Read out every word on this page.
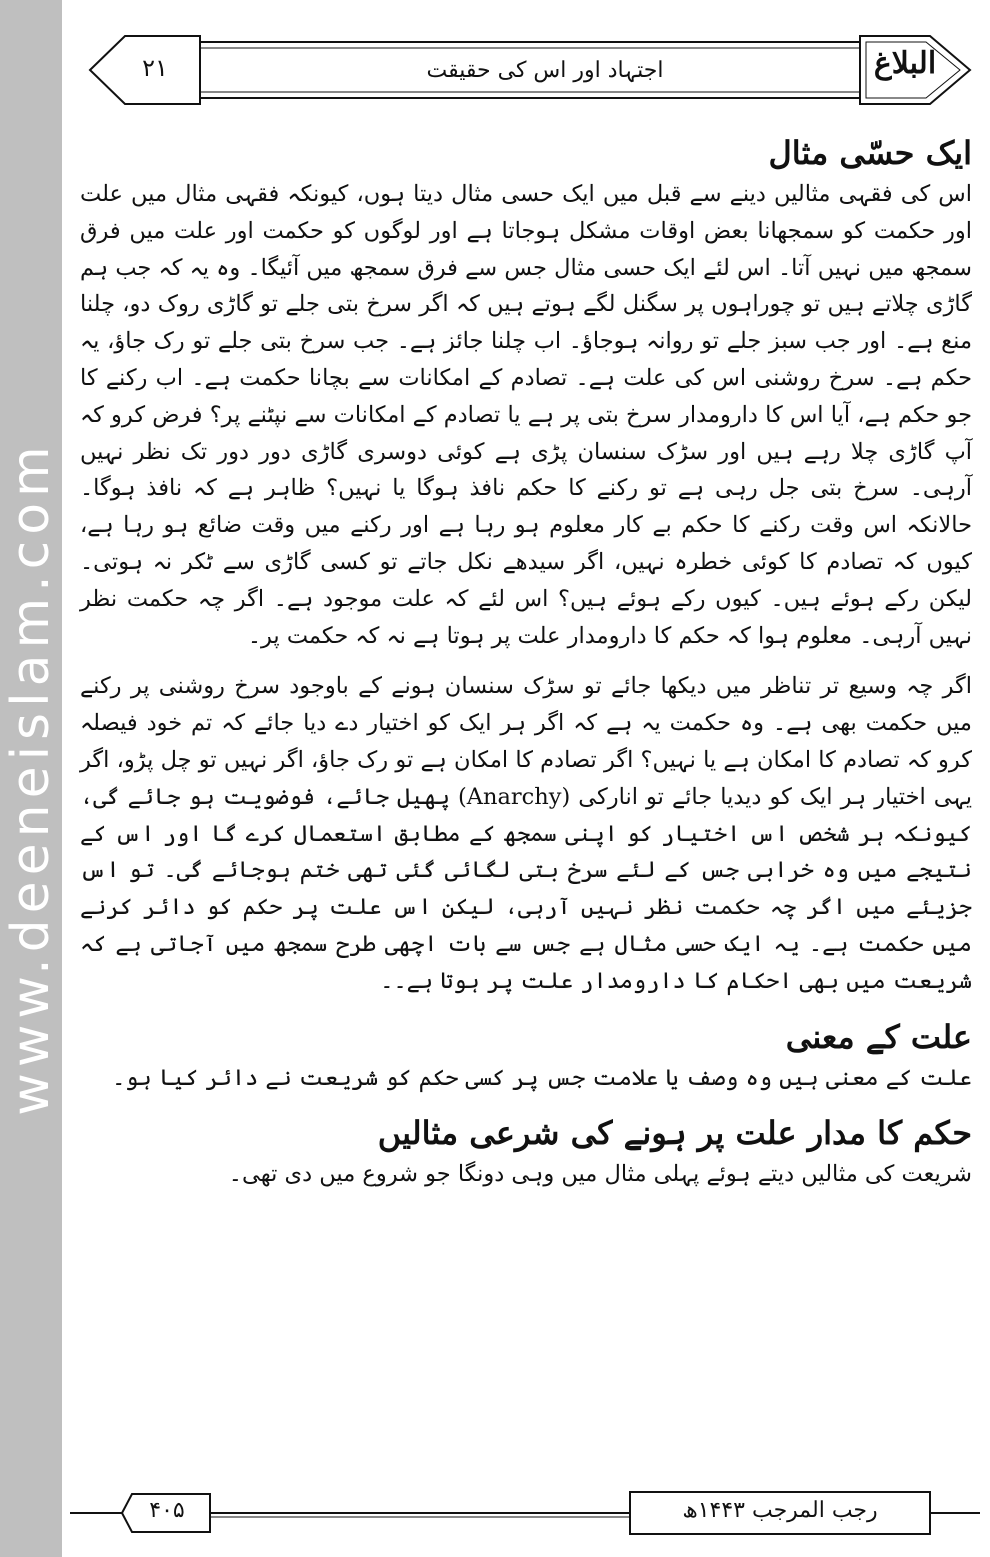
www.deeneislam.com
٢١	اجتہاد اور اس کی حقیقت	البلاغ
ایک حسّی مثال

اس کی فقہی مثالیں دینے سے قبل میں ایک حسی مثال دیتا ہوں، کیونکہ فقہی مثال میں علت اور حکمت کو سمجھانا بعض اوقات مشکل ہوجاتا ہے اور لوگوں کو حکمت اور علت میں فرق سمجھ میں نہیں آتا۔ اس لئے ایک حسی مثال جس سے فرق سمجھ میں آئیگا۔ وہ یہ کہ جب ہم گاڑی چلاتے ہیں تو چوراہوں پر سگنل لگے ہوتے ہیں کہ اگر سرخ بتی جلے تو گاڑی روک دو، چلنا منع ہے۔ اور جب سبز جلے تو روانہ ہوجاؤ۔ اب چلنا جائز ہے۔ جب سرخ بتی جلے تو رک جاؤ، یہ حکم ہے۔ سرخ روشنی اس کی علت ہے۔ تصادم کے امکانات سے بچانا حکمت ہے۔ اب رکنے کا جو حکم ہے، آیا اس کا دارومدار سرخ بتی پر ہے یا تصادم کے امکانات سے نپٹنے پر؟ فرض کرو کہ آپ گاڑی چلا رہے ہیں اور سڑک سنسان پڑی ہے کوئی دوسری گاڑی دور دور تک نظر نہیں آرہی۔ سرخ بتی جل رہی ہے تو رکنے کا حکم نافذ ہوگا یا نہیں؟ ظاہر ہے کہ نافذ ہوگا۔ حالانکہ اس وقت رکنے کا حکم بے کار معلوم ہو رہا ہے اور رکنے میں وقت ضائع ہو رہا ہے، کیوں کہ تصادم کا کوئی خطرہ نہیں، اگر سیدھے نکل جاتے تو کسی گاڑی سے ٹکر نہ ہوتی۔ لیکن رکے ہوئے ہیں۔ کیوں رکے ہوئے ہیں؟ اس لئے کہ علت موجود ہے۔ اگر چہ حکمت نظر نہیں آرہی۔ معلوم ہوا کہ حکم کا دارومدار علت پر ہوتا ہے نہ کہ حکمت پر۔

اگر چہ وسیع تر تناظر میں دیکھا جائے تو سڑک سنسان ہونے کے باوجود سرخ روشنی پر رکنے میں حکمت بھی ہے۔ وہ حکمت یہ ہے کہ اگر ہر ایک کو اختیار دے دیا جائے کہ تم خود فیصلہ کرو کہ تصادم کا امکان ہے یا نہیں؟ اگر تصادم کا امکان ہے تو رک جاؤ، اگر نہیں تو چل پڑو، اگر یہی اختیار ہر ایک کو دیدیا جائے تو انارکی (Anarchy) پھیل جائے، فوضویت ہو جائے گی، کیونکہ ہر شخص اس اختیار کو اپنی سمجھ کے مطابق استعمال کرے گا اور اس کے نتیجے میں وہ خرابی جس کے لئے سرخ بتی لگائی گئی تھی ختم ہوجائے گی۔ تو اس جزیئے میں اگر چہ حکمت نظر نہیں آرہی، لیکن اس علت پر حکم کو دائر کرنے میں حکمت ہے۔ یہ ایک حسی مثال ہے جس سے بات اچھی طرح سمجھ میں آجاتی ہے کہ شریعت میں بھی احکام کا دارومدار علت پر ہوتا ہے۔۔

علت کے معنی

علت کے معنی ہیں وہ وصف یا علامت جس پر کسی حکم کو شریعت نے دائر کیا ہو۔

حکم کا مدار علت پر ہونے کی شرعی مثالیں

شریعت کی مثالیں دیتے ہوئے پہلی مثال میں وہی دونگا جو شروع میں دی تھی۔

۴۰۵	رجب المرجب ۱۴۴۳ھ
